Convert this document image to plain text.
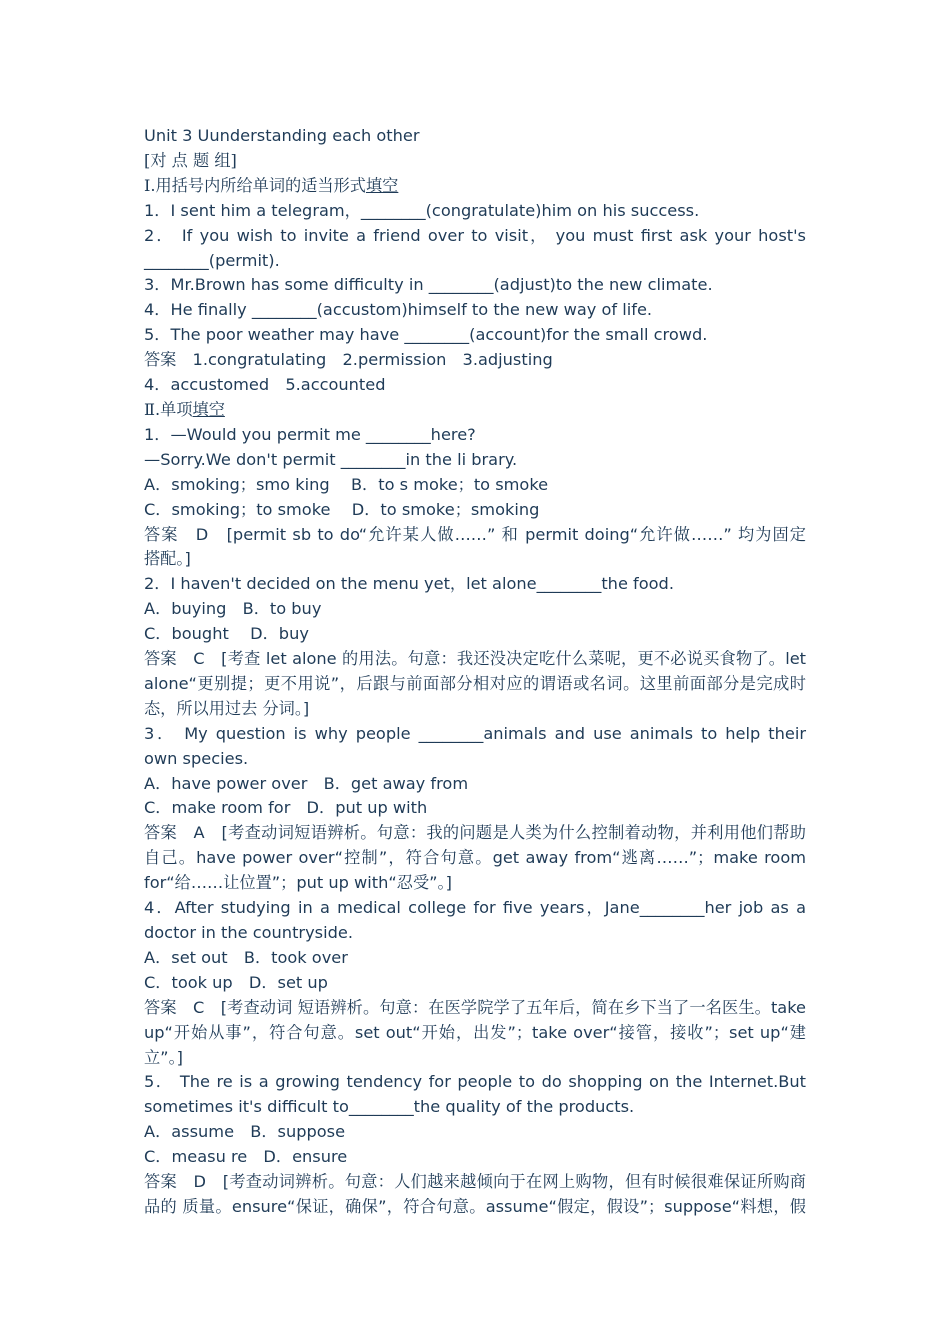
Unit 3 Uunderstanding each other
[对 点 题 组]
Ⅰ.用括号内所给单词的适当形式填空
1．I sent him a telegram，________(congratulate)him on his success.
2． If you wish to invite a friend over to visit， you must first ask your host's
________(permit).
3．Mr.Brown has some difficulty in ________(adjust)to the new climate.
4．He finally ________(accustom)himself to the new way of life.
5．The poor weather may have ________(account)for the small crowd.
答案　1.congratulating　2.permission　3.adjusting
4．accustomed　5.accounted
Ⅱ.单项填空
1．—Would you permit me ________here?
—Sorry.We don't permit ________in the li brary.
A．smoking；smo king　 B．to s moke；to smoke
C．smoking；to smoke　 D．to smoke；smoking
答案　D　[permit sb to do“允许某人做……” 和 permit doing“允许做……” 均为固定
搭配。]
2．I haven't decided on the menu yet，let alone________the food.
A．buying　B．to buy
C．bought　 D．buy
答案　C　[考查 let alone 的用法。句意：我还没决定吃什么菜呢，更不必说买食物了。let
alone“更别提；更不用说”，后跟与前面部分相对应的谓语或名词。这里前面部分是完成时
态，所以用过去 分词。]
3． My question is why people ________animals and use animals to help their
own species.
A．have power over　B．get away from
C．make room for　D．put up with
答案　A　[考查动词短语辨析。句意：我的问题是人类为什么控制着动物，并利用他们帮助
自己。have power over“控制”，符合句意。get away from“逃离……”；make room
for“给……让位置”；put up with“忍受”。]
4．After studying in a medical college for five years，Jane________her job as a
doctor in the countryside.
A．set out　B．took over
C．took up　D．set up
答案　C　[考查动词 短语辨析。句意：在医学院学了五年后，简在乡下当了一名医生。take
up“开始从事”，符合句意。set out“开始，出发”；take over“接管，接收”；set up“建
立”。]
5． The re is a growing tendency for people to do shopping on the Internet.But
sometimes it's difficult to________the quality of the products.
A．assume　B．suppose
C．measu re　D．ensure
答案　D　[考查动词辨析。句意：人们越来越倾向于在网上购物，但有时候很难保证所购商
品的 质量。ensure“保证，确保”，符合句意。assume“假定，假设”；suppose“料想，假
